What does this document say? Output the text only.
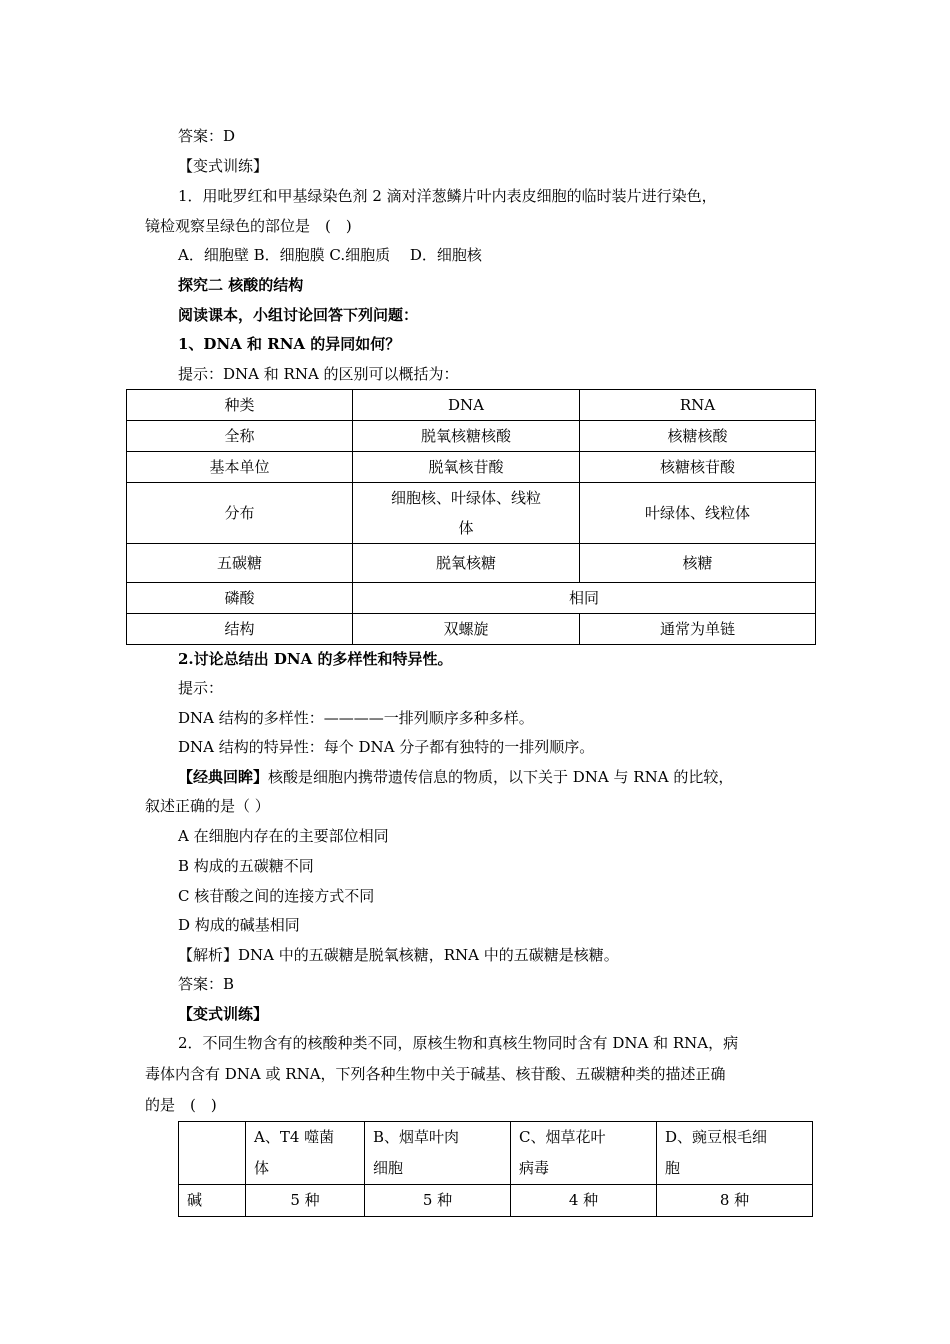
答案：D
【变式训练】
1．用吡罗红和甲基绿染色剂 2 滴对洋葱鳞片叶内表皮细胞的临时装片进行染色，
镜检观察呈绿色的部位是　(　)
A．细胞壁 B．细胞膜 C.细胞质　 D．细胞核
探究二 核酸的结构
阅读课本，小组讨论回答下列问题：
1、DNA 和 RNA 的异同如何？
提示：DNA 和 RNA 的区别可以概括为：
种类	DNA	RNA
全称	脱氧核糖核酸	核糖核酸
基本单位	脱氧核苷酸	核糖核苷酸
分布	细胞核、叶绿体、线粒体	叶绿体、线粒体
五碳糖	脱氧核糖	核糖
磷酸	相同	
结构	双螺旋	通常为单链
2.讨论总结出 DNA 的多样性和特异性。
提示：
DNA 结构的多样性：————一排列顺序多种多样。
DNA 结构的特异性：每个 DNA 分子都有独特的一排列顺序。
【经典回眸】核酸是细胞内携带遗传信息的物质，以下关于 DNA 与 RNA 的比较，
叙述正确的是（ ）
A 在细胞内存在的主要部位相同
B 构成的五碳糖不同
C 核苷酸之间的连接方式不同
D 构成的碱基相同
【解析】DNA 中的五碳糖是脱氧核糖，RNA 中的五碳糖是核糖。
答案：B
【变式训练】
2．不同生物含有的核酸种类不同，原核生物和真核生物同时含有 DNA 和 RNA，病
毒体内含有 DNA 或 RNA，下列各种生物中关于碱基、核苷酸、五碳糖种类的描述正确
的是　(　)
	A、T4 噬菌体	B、烟草叶肉细胞	C、烟草花叶病毒	D、豌豆根毛细胞
碱	5 种	5 种	4 种	8 种
